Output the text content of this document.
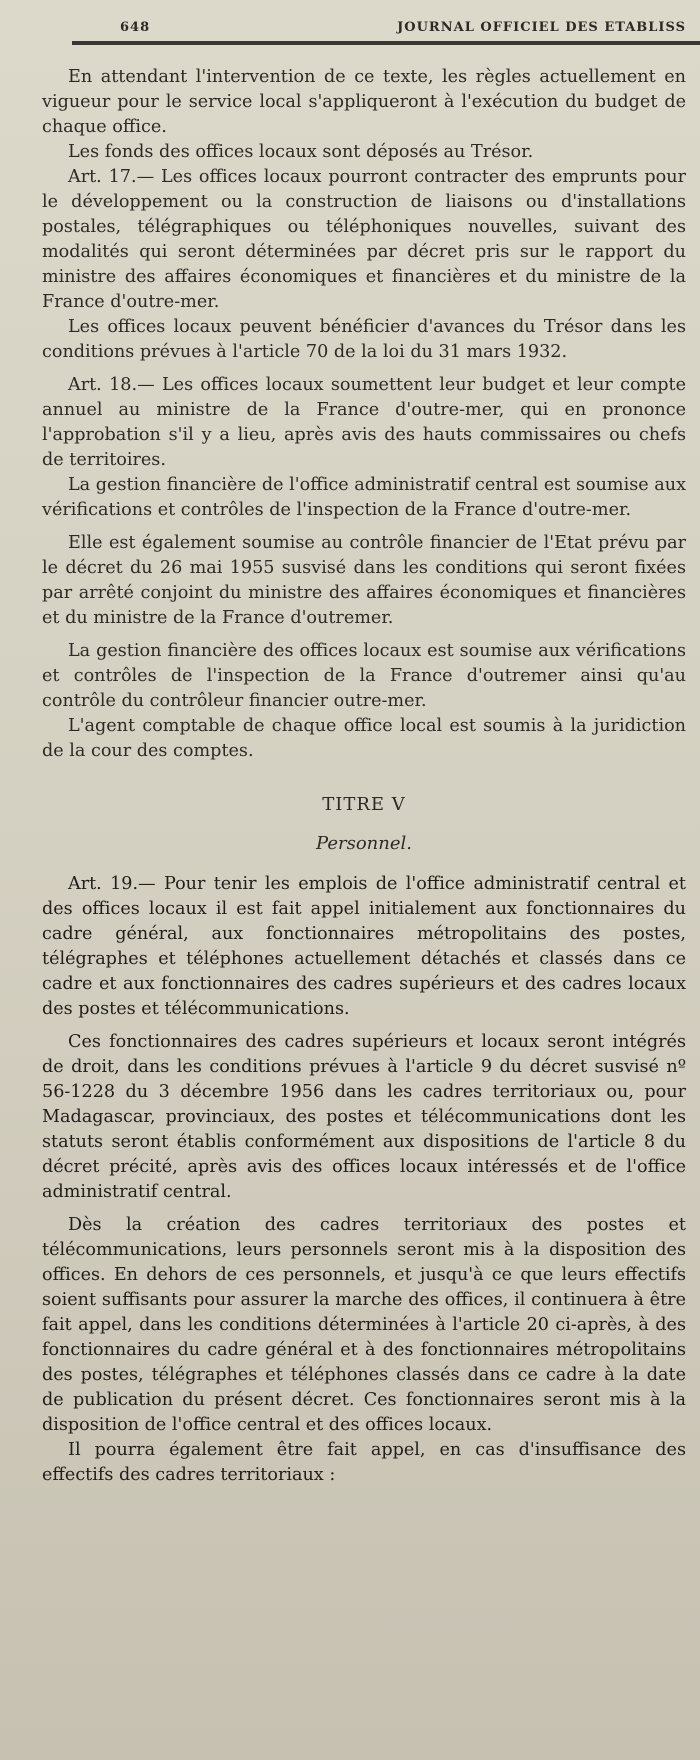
648	JOURNAL OFFICIEL DES ETABLISS

En attendant l'intervention de ce texte, les règles actuellement en vigueur pour le service local s'appliqueront à l'exécution du budget de chaque office.

Les fonds des offices locaux sont déposés au Trésor.

Art. 17.— Les offices locaux pourront contracter des emprunts pour le développement ou la construction de liaisons ou d'installations postales, télégraphiques ou téléphoniques nouvelles, suivant des modalités qui seront déterminées par décret pris sur le rapport du ministre des affaires économiques et financières et du ministre de la France d'outre-mer.

Les offices locaux peuvent bénéficier d'avances du Trésor dans les conditions prévues à l'article 70 de la loi du 31 mars 1932.

Art. 18.— Les offices locaux soumettent leur budget et leur compte annuel au ministre de la France d'outre-mer, qui en prononce l'approbation s'il y a lieu, après avis des hauts commissaires ou chefs de territoires.

La gestion financière de l'office administratif central est soumise aux vérifications et contrôles de l'inspection de la France d'outre-mer.

Elle est également soumise au contrôle financier de l'Etat prévu par le décret du 26 mai 1955 susvisé dans les conditions qui seront fixées par arrêté conjoint du ministre des affaires économiques et financières et du ministre de la France d'outremer.

La gestion financière des offices locaux est soumise aux vérifications et contrôles de l'inspection de la France d'outremer ainsi qu'au contrôle du contrôleur financier outre-mer.

L'agent comptable de chaque office local est soumis à la juridiction de la cour des comptes.

TITRE V
Personnel.

Art. 19.— Pour tenir les emplois de l'office administratif central et des offices locaux il est fait appel initialement aux fonctionnaires du cadre général, aux fonctionnaires métropolitains des postes, télégraphes et téléphones actuellement détachés et classés dans ce cadre et aux fonctionnaires des cadres supérieurs et des cadres locaux des postes et télécommunications.

Ces fonctionnaires des cadres supérieurs et locaux seront intégrés de droit, dans les conditions prévues à l'article 9 du décret susvisé nº 56-1228 du 3 décembre 1956 dans les cadres territoriaux ou, pour Madagascar, provinciaux, des postes et télécommunications dont les statuts seront établis conformément aux dispositions de l'article 8 du décret précité, après avis des offices locaux intéressés et de l'office administratif central.

Dès la création des cadres territoriaux des postes et télécommunications, leurs personnels seront mis à la disposition des offices. En dehors de ces personnels, et jusqu'à ce que leurs effectifs soient suffisants pour assurer la marche des offices, il continuera à être fait appel, dans les conditions déterminées à l'article 20 ci-après, à des fonctionnaires du cadre général et à des fonctionnaires métropolitains des postes, télégraphes et téléphones classés dans ce cadre à la date de publication du présent décret. Ces fonctionnaires seront mis à la disposition de l'office central et des offices locaux.

Il pourra également être fait appel, en cas d'insuffisance des effectifs des cadres territoriaux :
